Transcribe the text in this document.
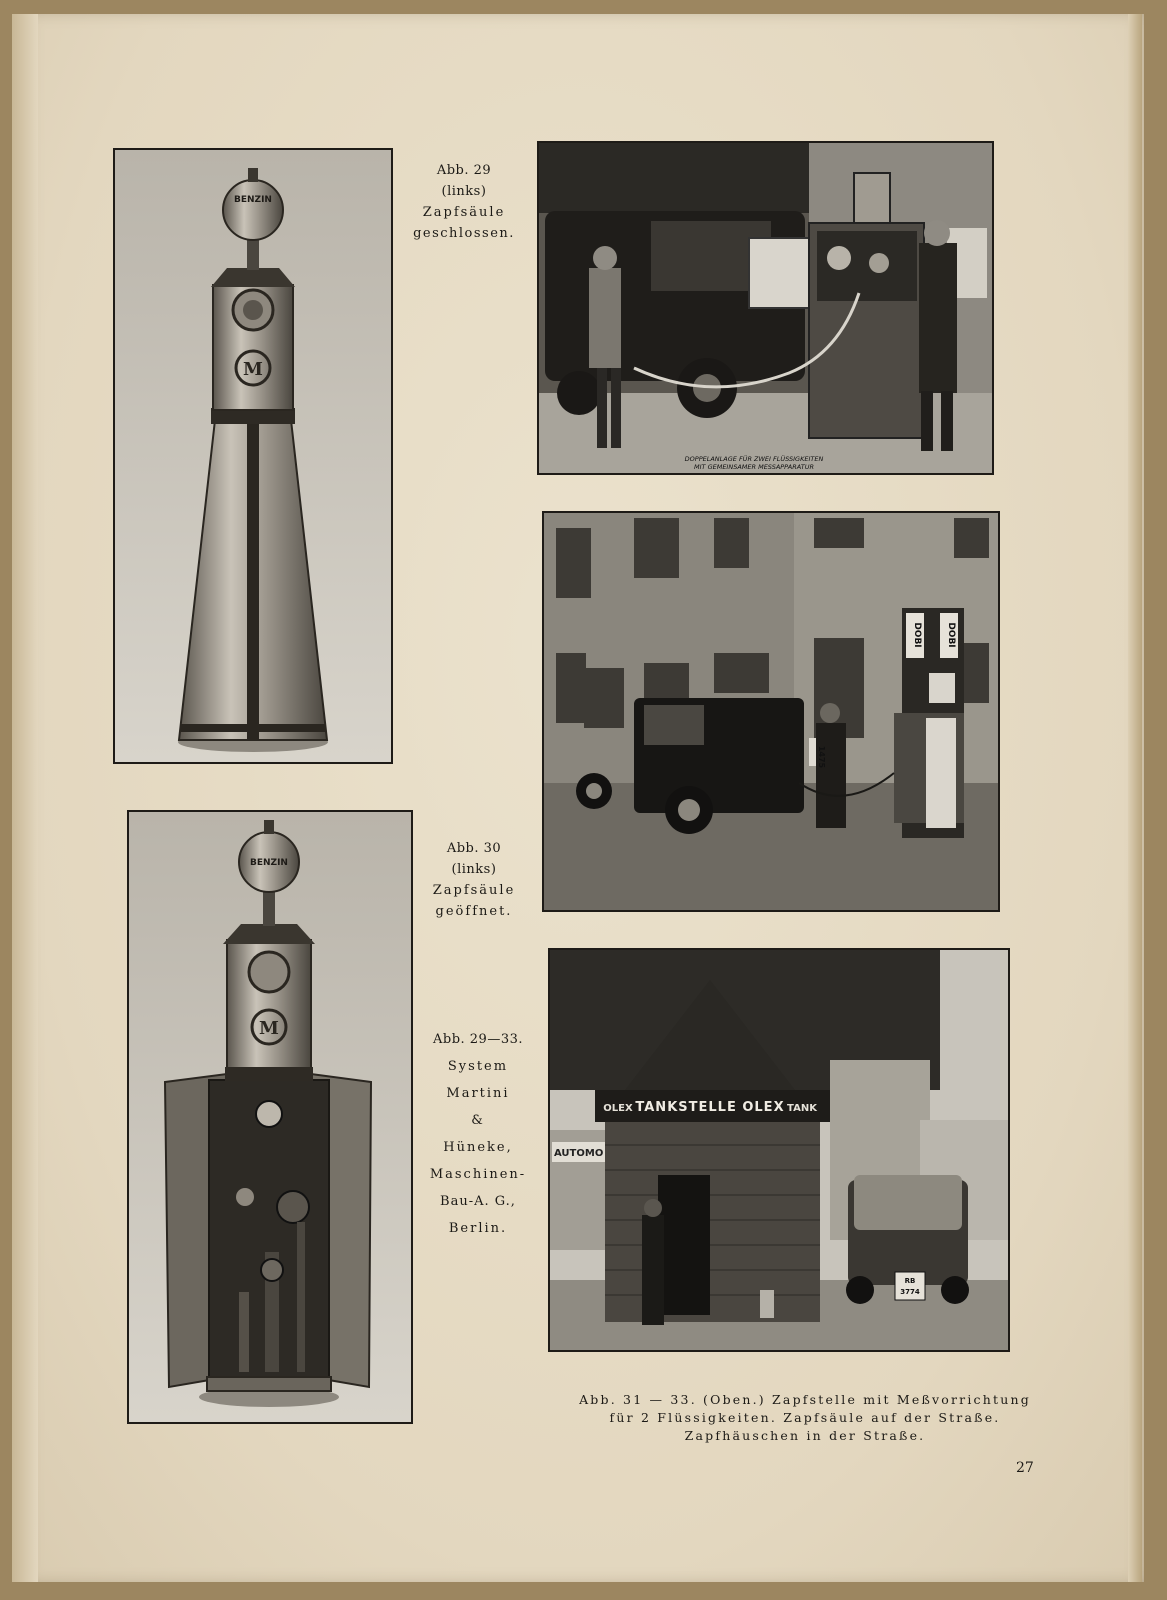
M
BENZIN
M
BENZIN
DOPPELANLAGE FÜR ZWEI FLÜSSIGKEITEN
MIT GEMEINSAMER MESSAPPARATUR
DOBI	DOBI
1475
TANKSTELLE OLEX
OLEX	TANK
AUTOMO
RB
3774
Abb. 29
(links)
Zapfsäule
geschlossen.
Abb. 30
(links)
Zapfsäule
geöffnet.
Abb. 29—33.
System
Martini
&
Hüneke,
Maschinen-
Bau-A. G.,
Berlin.
Abb. 31 — 33. (Oben.) Zapfstelle mit Meßvorrichtung
für 2 Flüssigkeiten. Zapfsäule auf der Straße.
Zapfhäuschen in der Straße.
27
